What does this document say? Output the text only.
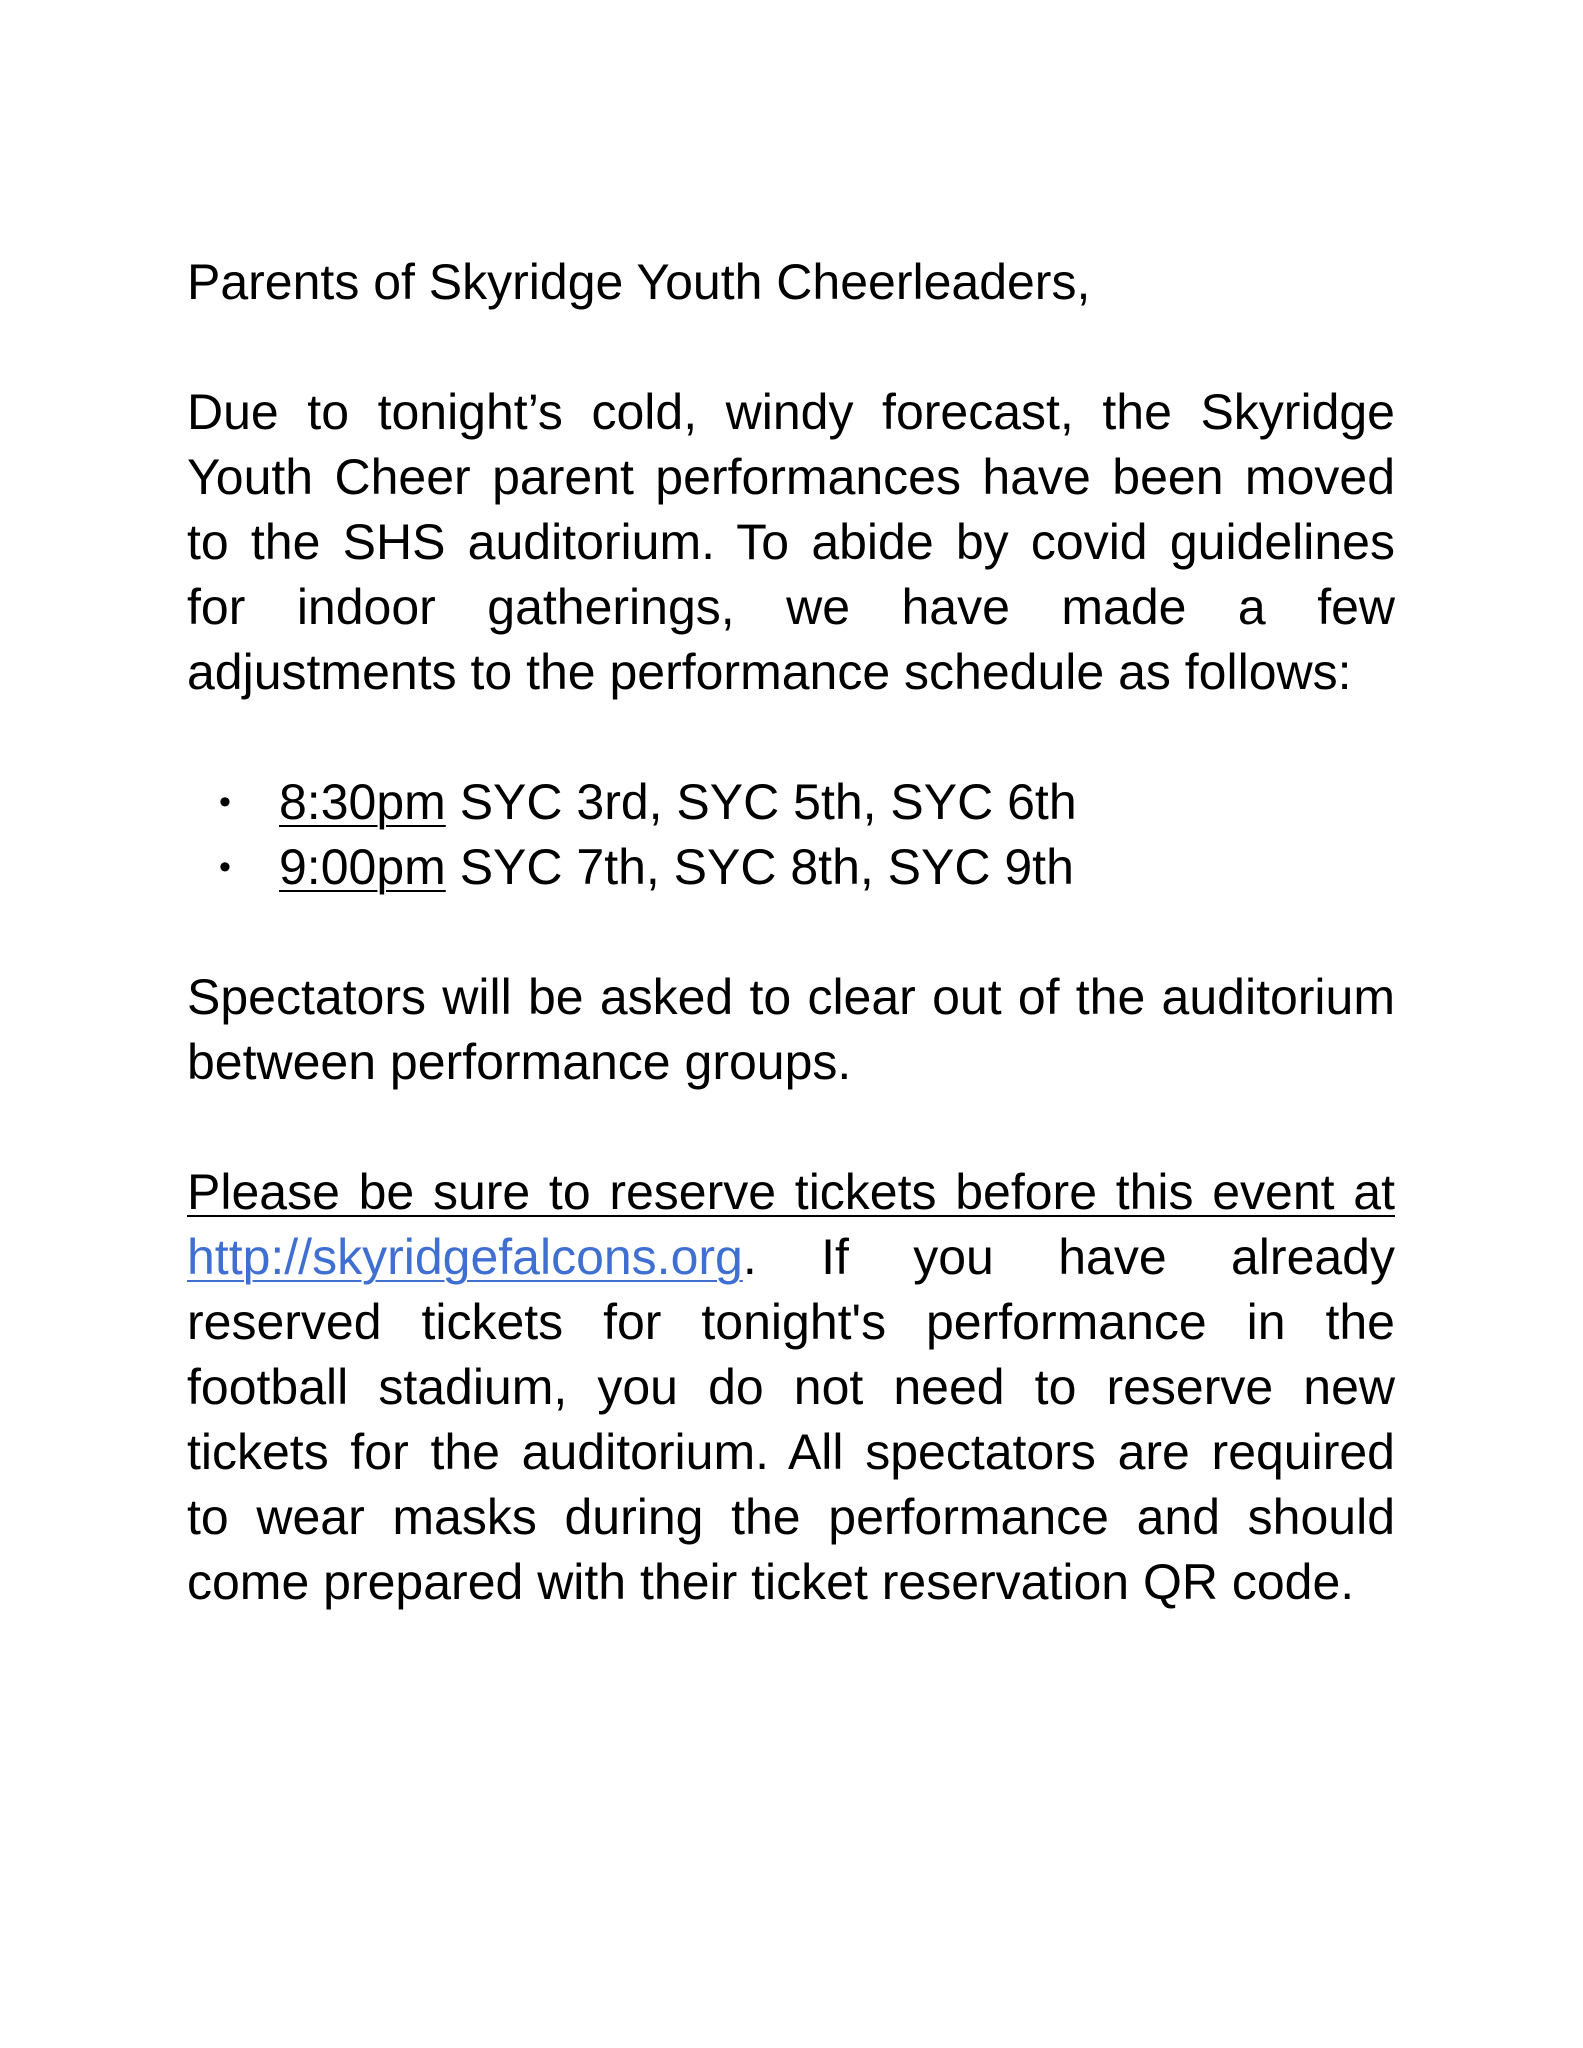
Parents of Skyridge Youth Cheerleaders,

Due to tonight’s cold, windy forecast, the Skyridge Youth Cheer parent performances have been moved to the SHS auditorium. To abide by covid guidelines for indoor gatherings, we have made a few adjustments to the performance schedule as follows:

• 8:30pm SYC 3rd, SYC 5th, SYC 6th
• 9:00pm SYC 7th, SYC 8th, SYC 9th

Spectators will be asked to clear out of the auditorium between performance groups.

Please be sure to reserve tickets before this event at http://skyridgefalcons.org. If you have already reserved tickets for tonight's performance in the football stadium, you do not need to reserve new tickets for the auditorium. All spectators are required to wear masks during the performance and should come prepared with their ticket reservation QR code.
